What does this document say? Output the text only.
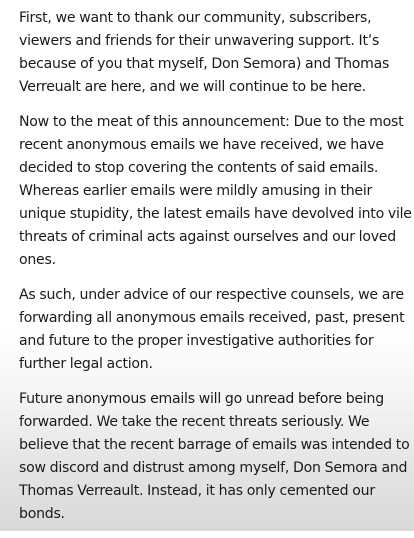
First, we want to thank our community, subscribers,
viewers and friends for their unwavering support. It’s
because of you that myself, Don Semora) and Thomas
Verreualt are here, and we will continue to be here.

Now to the meat of this announcement: Due to the most
recent anonymous emails we have received, we have
decided to stop covering the contents of said emails.
Whereas earlier emails were mildly amusing in their
unique stupidity, the latest emails have devolved into vile
threats of criminal acts against ourselves and our loved
ones.

As such, under advice of our respective counsels, we are
forwarding all anonymous emails received, past, present
and future to the proper investigative authorities for
further legal action.

Future anonymous emails will go unread before being
forwarded. We take the recent threats seriously. We
believe that the recent barrage of emails was intended to
sow discord and distrust among myself, Don Semora and
Thomas Verreault. Instead, it has only cemented our
bonds.
